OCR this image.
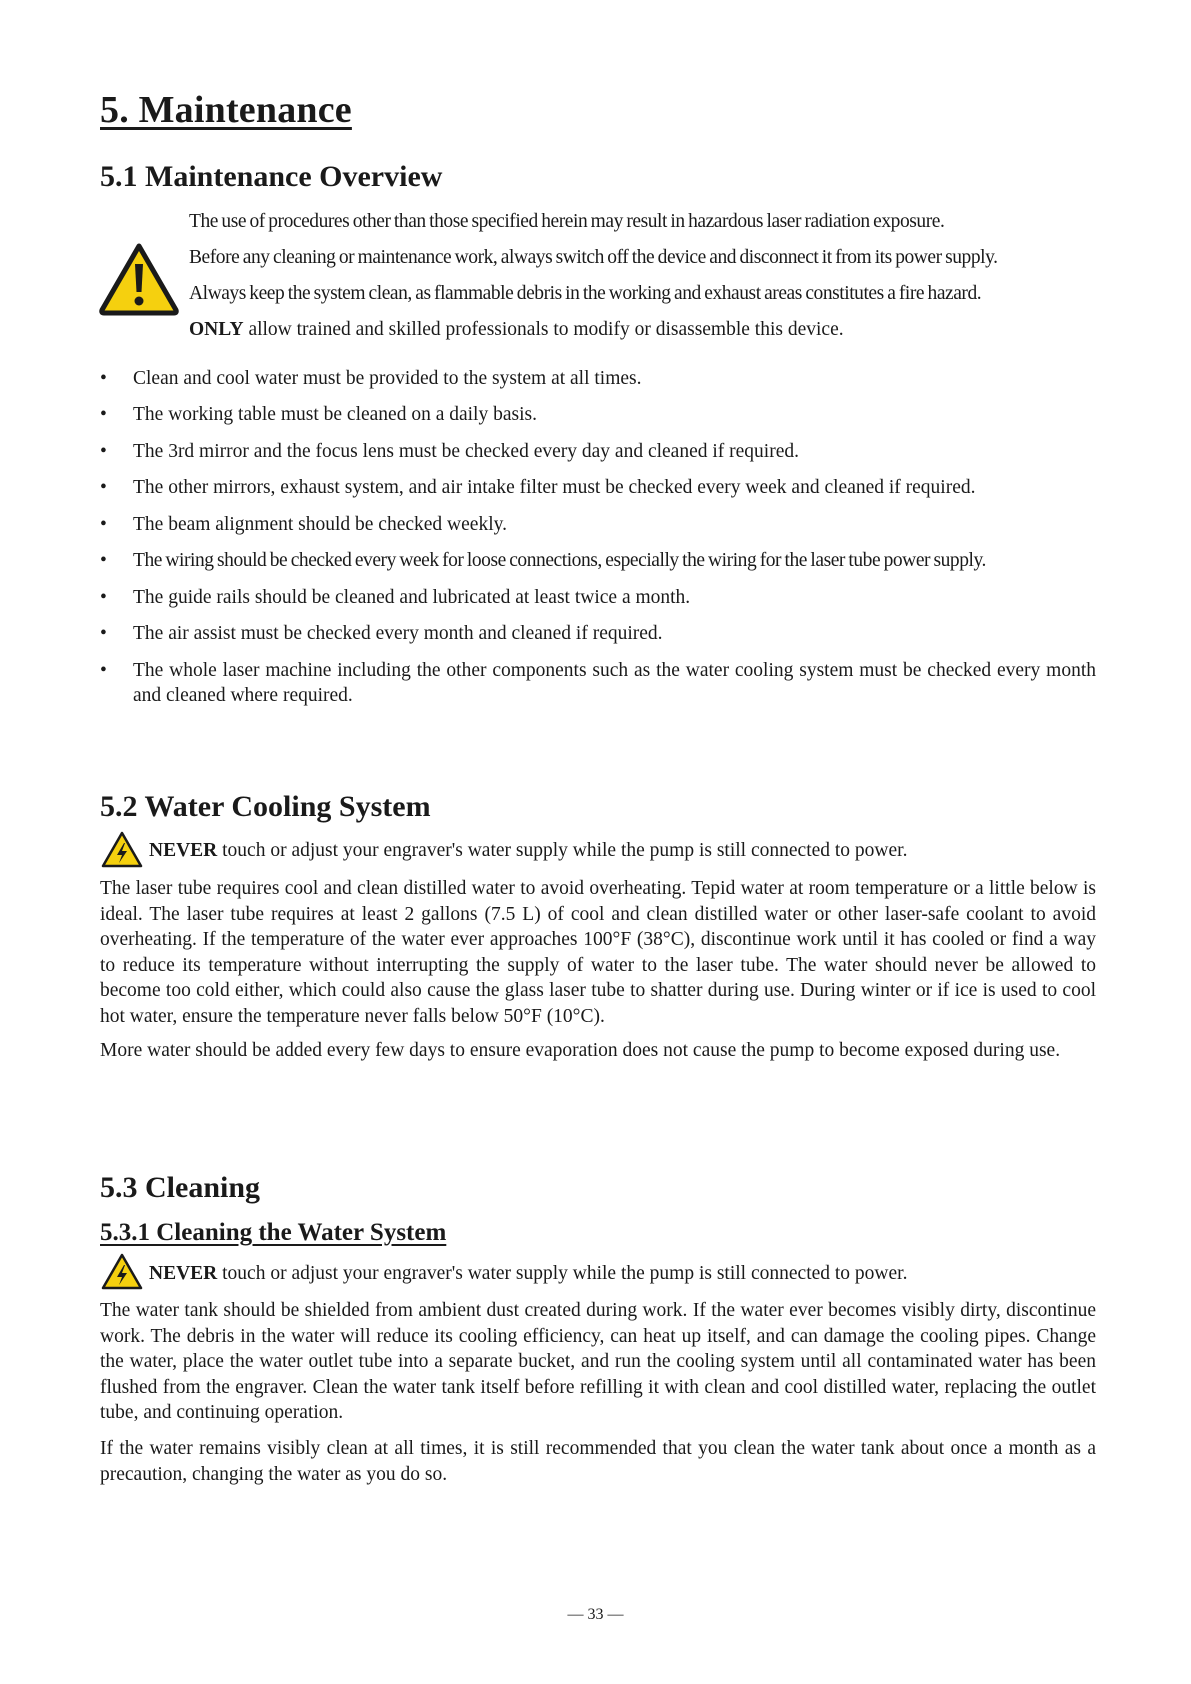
5. Maintenance
5.1 Maintenance Overview

The use of procedures other than those specified herein may result in hazardous laser radiation exposure.

Before any cleaning or maintenance work, always switch off the device and disconnect it from its power supply.

Always keep the system clean, as flammable debris in the working and exhaust areas constitutes a fire hazard.

ONLY allow trained and skilled professionals to modify or disassemble this device.

• Clean and cool water must be provided to the system at all times.
• The working table must be cleaned on a daily basis.
• The 3rd mirror and the focus lens must be checked every day and cleaned if required.
• The other mirrors, exhaust system, and air intake filter must be checked every week and cleaned if required.
• The beam alignment should be checked weekly.
• The wiring should be checked every week for loose connections, especially the wiring for the laser tube power supply.
• The guide rails should be cleaned and lubricated at least twice a month.
• The air assist must be checked every month and cleaned if required.
• The whole laser machine including the other components such as the water cooling system must be checked every month and cleaned where required.
5.2 Water Cooling System

NEVER touch or adjust your engraver's water supply while the pump is still connected to power.

The laser tube requires cool and clean distilled water to avoid overheating. Tepid water at room temperature or a little below is ideal. The laser tube requires at least 2 gallons (7.5 L) of cool and clean distilled water or other laser-safe coolant to avoid overheating. If the temperature of the water ever approaches 100°F (38°C), discontinue work until it has cooled or find a way to reduce its temperature without interrupting the supply of water to the laser tube. The water should never be allowed to become too cold either, which could also cause the glass laser tube to shatter during use. During winter or if ice is used to cool hot water, ensure the temperature never falls below 50°F (10°C).

More water should be added every few days to ensure evaporation does not cause the pump to become exposed during use.

5.3 Cleaning
5.3.1 Cleaning the Water System

NEVER touch or adjust your engraver's water supply while the pump is still connected to power.

The water tank should be shielded from ambient dust created during work. If the water ever becomes visibly dirty, discontinue work. The debris in the water will reduce its cooling efficiency, can heat up itself, and can damage the cooling pipes. Change the water, place the water outlet tube into a separate bucket, and run the cooling system until all contaminated water has been flushed from the engraver. Clean the water tank itself before refilling it with clean and cool distilled water, replacing the outlet tube, and continuing operation.

If the water remains visibly clean at all times, it is still recommended that you clean the water tank about once a month as a precaution, changing the water as you do so.

— 33 —
